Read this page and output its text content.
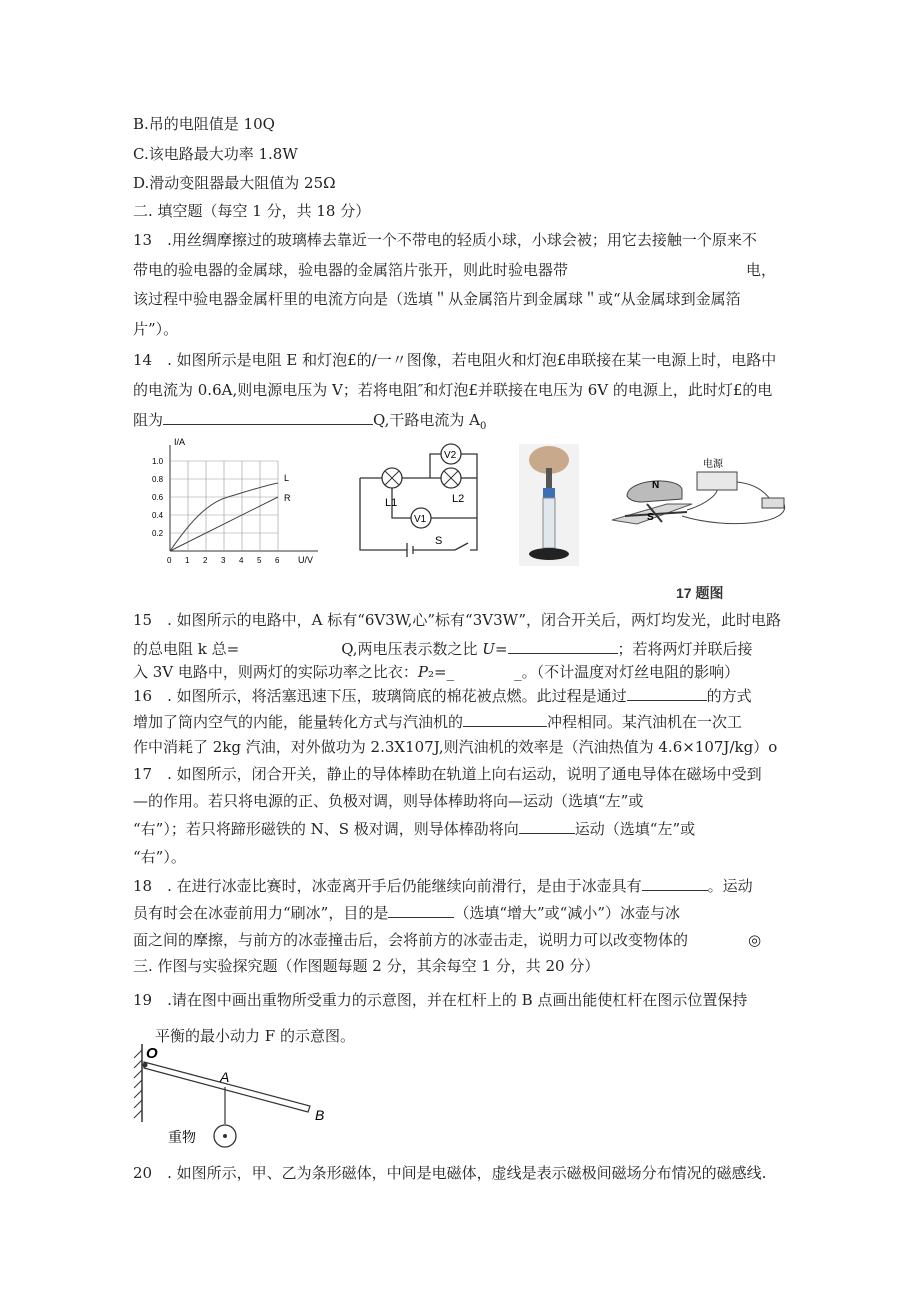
B.吊的电阻值是 10Q
C.该电路最大功率 1.8W
D.滑动变阻器最大阻值为 25Ω
二. 填空题（每空 1 分，共 18 分）
13　.用丝绸摩擦过的玻璃棒去靠近一个不带电的轻质小球，小球会被；用它去接触一个原来不
带电的验电器的金属球，验电器的金属箔片张开，则此时验电器带	电，
该过程中验电器金属杆里的电流方向是（选填＂从金属箔片到金属球＂或“从金属球到金属箔
片”）。
14　. 如图所示是电阻 E 和灯泡£的/一〃图像，若电阻火和灯泡£串联接在某一电源上时，电路中
的电流为 0.6A,则电源电压为 V；若将电阻″和灯泡£并联接在电压为 6V 的电源上，此时灯£的电
阻为	Q,干路电流为 $A_0$
I/A
U/V
L
R
1.0
0.8
0.6
0.4
0.2
0 1 2 3 4 5 6
V2
V1
L1	L2
S
N
S
电源
17 题图
15　. 如图所示的电路中，A 标有“6V3W,心”标有“3V3W”，闭合开关后，两灯均发光，此时电路
的总电阻 k 总=	Q,两电压表示数之比 U=	；若将两灯并联后接
入 3V 电路中，则两灯的实际功率之比衣：P₂=_	_。（不计温度对灯丝电阻的影响）
16　. 如图所示，将活塞迅速下压，玻璃筒底的棉花被点燃。此过程是通过	的方式
增加了筒内空气的内能，能量转化方式与汽油机的	冲程相同。某汽油机在一次工
作中消耗了 2kg 汽油，对外做功为 2.3X107J,则汽油机的效率是（汽油热值为 4.6×107J/kg）o
17　. 如图所示，闭合开关，静止的导体棒助在轨道上向右运动，说明了通电导体在磁场中受到
—的作用。若只将电源的正、负极对调，则导体棒助将向—运动（选填“左”或
“右”）；若只将蹄形磁铁的 N、S 极对调，则导体棒劭将向	运动（选填“左”或
“右”）。
18　. 在进行冰壶比赛时，冰壶离开手后仍能继续向前滑行，是由于冰壶具有	。运动
员有时会在冰壶前用力“刷冰”，目的是	（选填“增大”或“减小”）冰壶与冰
面之间的摩擦，与前方的冰壶撞击后，会将前方的冰壶击走，说明力可以改变物体的	◎
三. 作图与实验探究题（作图题每题 2 分，其余每空 1 分，共 20 分）
19　.请在图中画出重物所受重力的示意图，并在杠杆上的 B 点画出能使杠杆在图示位置保持
平衡的最小动力 F 的示意图。
O
A
B
重物
20　. 如图所示，甲、乙为条形磁体，中间是电磁体，虚线是表示磁极间磁场分布情况的磁感线.
